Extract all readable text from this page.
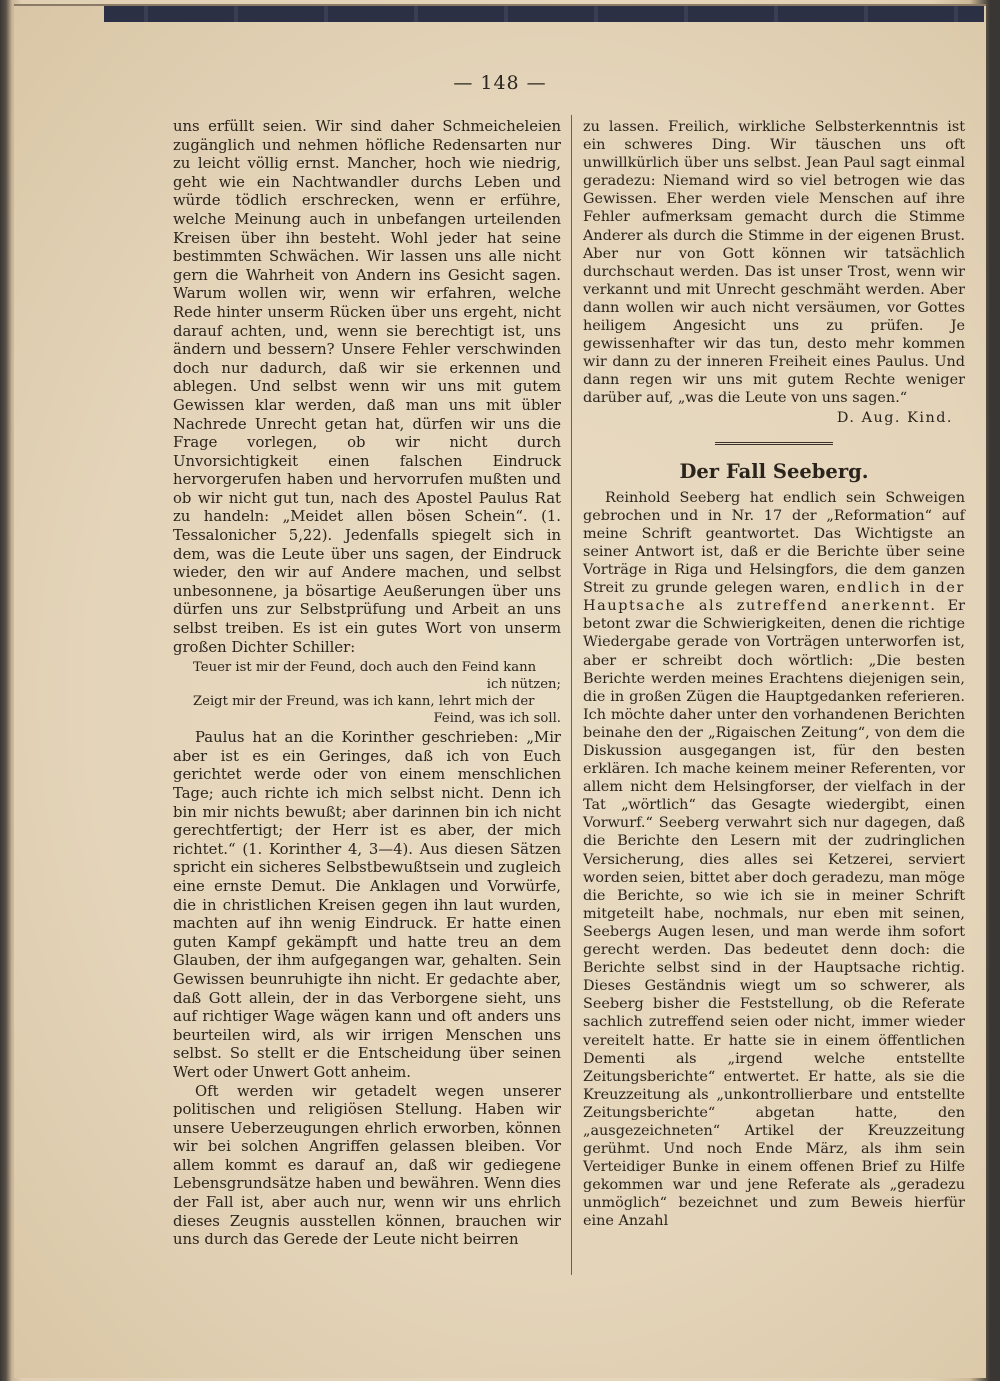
— 148 —

uns erfüllt seien. Wir sind daher Schmeicheleien zugänglich und nehmen höfliche Redensarten nur zu leicht völlig ernst. Mancher, hoch wie niedrig, geht wie ein Nachtwandler durchs Leben und würde tödlich erschrecken, wenn er erführe, welche Meinung auch in unbefangen urteilenden Kreisen über ihn besteht. Wohl jeder hat seine bestimmten Schwächen. Wir lassen uns alle nicht gern die Wahrheit von Andern ins Gesicht sagen. Warum wollen wir, wenn wir erfahren, welche Rede hinter unserm Rücken über uns ergeht, nicht darauf achten, und, wenn sie berechtigt ist, uns ändern und bessern? Unsere Fehler verschwinden doch nur dadurch, daß wir sie erkennen und ablegen. Und selbst wenn wir uns mit gutem Gewissen klar werden, daß man uns mit übler Nachrede Unrecht getan hat, dürfen wir uns die Frage vorlegen, ob wir nicht durch Unvorsichtigkeit einen falschen Eindruck hervorgerufen haben und hervorrufen mußten und ob wir nicht gut tun, nach des Apostel Paulus Rat zu handeln: „Meidet allen bösen Schein“. (1. Tessalonicher 5,22). Jedenfalls spiegelt sich in dem, was die Leute über uns sagen, der Eindruck wieder, den wir auf Andere machen, und selbst unbesonnene, ja bösartige Aeußerungen über uns dürfen uns zur Selbstprüfung und Arbeit an uns selbst treiben. Es ist ein gutes Wort von unserm großen Dichter Schiller:

Teuer ist mir der Feund, doch auch den Feind kann
ich nützen;
Zeigt mir der Freund, was ich kann, lehrt mich der
Feind, was ich soll.

Paulus hat an die Korinther geschrieben: „Mir aber ist es ein Geringes, daß ich von Euch gerichtet werde oder von einem menschlichen Tage; auch richte ich mich selbst nicht. Denn ich bin mir nichts bewußt; aber darinnen bin ich nicht gerechtfertigt; der Herr ist es aber, der mich richtet.“ (1. Korinther 4, 3—4). Aus diesen Sätzen spricht ein sicheres Selbstbewußtsein und zugleich eine ernste Demut. Die Anklagen und Vorwürfe, die in christlichen Kreisen gegen ihn laut wurden, machten auf ihn wenig Eindruck. Er hatte einen guten Kampf gekämpft und hatte treu an dem Glauben, der ihm aufgegangen war, gehalten. Sein Gewissen beunruhigte ihn nicht. Er gedachte aber, daß Gott allein, der in das Verborgene sieht, uns auf richtiger Wage wägen kann und oft anders uns beurteilen wird, als wir irrigen Menschen uns selbst. So stellt er die Entscheidung über seinen Wert oder Unwert Gott anheim.

Oft werden wir getadelt wegen unserer politischen und religiösen Stellung. Haben wir unsere Ueberzeugungen ehrlich erworben, können wir bei solchen Angriffen gelassen bleiben. Vor allem kommt es darauf an, daß wir gediegene Lebensgrundsätze haben und bewähren. Wenn dies der Fall ist, aber auch nur, wenn wir uns ehrlich dieses Zeugnis ausstellen können, brauchen wir uns durch das Gerede der Leute nicht beirren

zu lassen. Freilich, wirkliche Selbsterkenntnis ist ein schweres Ding. Wir täuschen uns oft unwillkürlich über uns selbst. Jean Paul sagt einmal geradezu: Niemand wird so viel betrogen wie das Gewissen. Eher werden viele Menschen auf ihre Fehler aufmerksam gemacht durch die Stimme Anderer als durch die Stimme in der eigenen Brust. Aber nur von Gott können wir tatsächlich durchschaut werden. Das ist unser Trost, wenn wir verkannt und mit Unrecht geschmäht werden. Aber dann wollen wir auch nicht versäumen, vor Gottes heiligem Angesicht uns zu prüfen. Je gewissenhafter wir das tun, desto mehr kommen wir dann zu der inneren Freiheit eines Paulus. Und dann regen wir uns mit gutem Rechte weniger darüber auf, „was die Leute von uns sagen.“

D. Aug. Kind.
Der Fall Seeberg.

Reinhold Seeberg hat endlich sein Schweigen gebrochen und in Nr. 17 der „Reformation“ auf meine Schrift geantwortet. Das Wichtigste an seiner Antwort ist, daß er die Berichte über seine Vorträge in Riga und Helsingfors, die dem ganzen Streit zu grunde gelegen waren, endlich in der Hauptsache als zutreffend anerkennt. Er betont zwar die Schwierigkeiten, denen die richtige Wiedergabe gerade von Vorträgen unterworfen ist, aber er schreibt doch wörtlich: „Die besten Berichte werden meines Erachtens diejenigen sein, die in großen Zügen die Hauptgedanken referieren. Ich möchte daher unter den vorhandenen Berichten beinahe den der „Rigaischen Zeitung“, von dem die Diskussion ausgegangen ist, für den besten erklären. Ich mache keinem meiner Referenten, vor allem nicht dem Helsingforser, der vielfach in der Tat „wörtlich“ das Gesagte wiedergibt, einen Vorwurf.“ Seeberg verwahrt sich nur dagegen, daß die Berichte den Lesern mit der zudringlichen Versicherung, dies alles sei Ketzerei, serviert worden seien, bittet aber doch geradezu, man möge die Berichte, so wie ich sie in meiner Schrift mitgeteilt habe, nochmals, nur eben mit seinen, Seebergs Augen lesen, und man werde ihm sofort gerecht werden. Das bedeutet denn doch: die Berichte selbst sind in der Hauptsache richtig. Dieses Geständnis wiegt um so schwerer, als Seeberg bisher die Feststellung, ob die Referate sachlich zutreffend seien oder nicht, immer wieder vereitelt hatte. Er hatte sie in einem öffentlichen Dementi als „irgend welche entstellte Zeitungsberichte“ entwertet. Er hatte, als sie die Kreuzzeitung als „unkontrollierbare und entstellte Zeitungsberichte“ abgetan hatte, den „ausgezeichneten“ Artikel der Kreuzzeitung gerühmt. Und noch Ende März, als ihm sein Verteidiger Bunke in einem offenen Brief zu Hilfe gekommen war und jene Referate als „geradezu unmöglich“ bezeichnet und zum Beweis hierfür eine Anzahl
